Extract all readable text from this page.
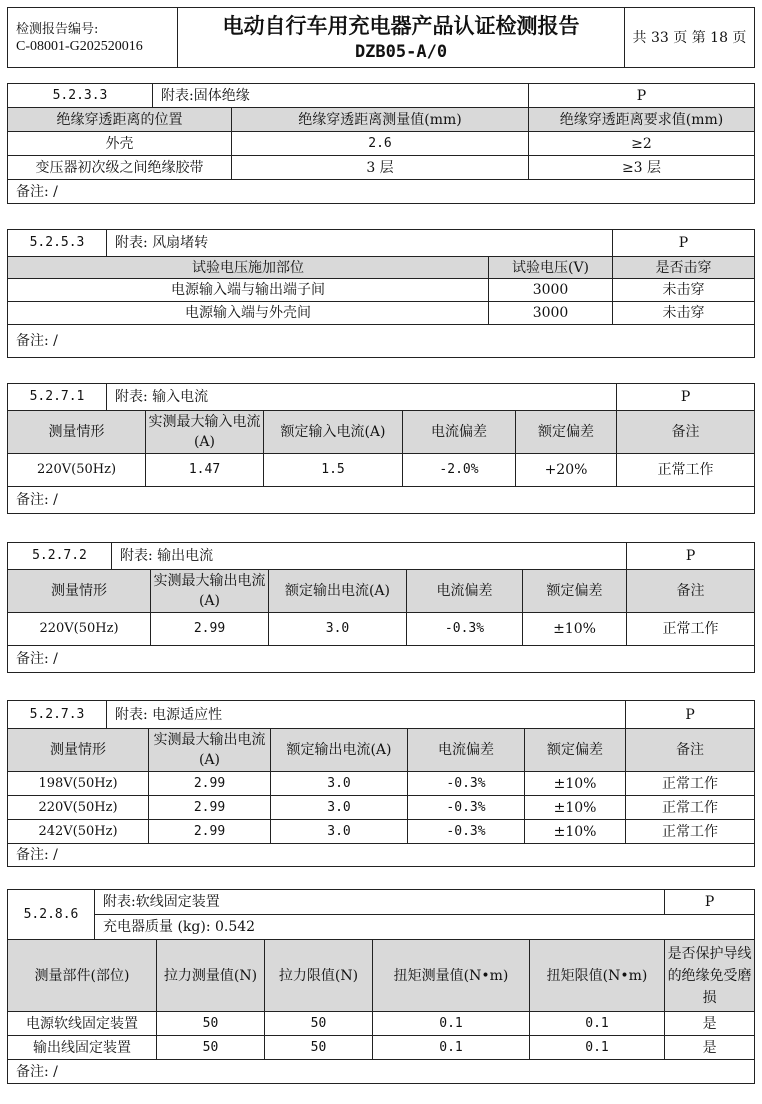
检测报告编号:
C-08001-G202520016

电动自行车用充电器产品认证检测报告
DZB05-A/0
	共 33 页 第 18 页
5.2.3.3	附表:固体绝缘		P
绝缘穿透距离的位置		绝缘穿透距离测量值(mm)	绝缘穿透距离要求值(mm)
外壳		2.6	≥2
变压器初次级之间绝缘胶带		3 层	≥3 层
备注: /			
5.2.5.3	附表: 风扇堵转		P
试验电压施加部位		试验电压(V)	是否击穿
电源输入端与输出端子间		3000	未击穿
电源输入端与外壳间		3000	未击穿
备注: /			
5.2.7.1	附表: 输入电流					P
测量情形		实测最大输入电流(A)	额定输入电流(A)	电流偏差	额定偏差	备注
220V(50Hz)		1.47	1.5	-2.0%	+20%	正常工作
备注: /						
5.2.7.2	附表: 输出电流					P
测量情形		实测最大输出电流(A)	额定输出电流(A)	电流偏差	额定偏差	备注
220V(50Hz)		2.99	3.0	-0.3%	±10%	正常工作
备注: /						
5.2.7.3	附表: 电源适应性					P
测量情形		实测最大输出电流(A)	额定输出电流(A)	电流偏差	额定偏差	备注
198V(50Hz)		2.99	3.0	-0.3%	±10%	正常工作
220V(50Hz)		2.99	3.0	-0.3%	±10%	正常工作
242V(50Hz)		2.99	3.0	-0.3%	±10%	正常工作
备注: /						
5.2.8.6	附表:软线固定装置					P
	充电器质量 (kg): 0.542					
测量部件(部位)		拉力测量值(N)	拉力限值(N)	扭矩测量值(N•m)	扭矩限值(N•m)	是否保护导线的绝缘免受磨损
电源软线固定装置		50	50	0.1	0.1	是
输出线固定装置		50	50	0.1	0.1	是
备注: /						
